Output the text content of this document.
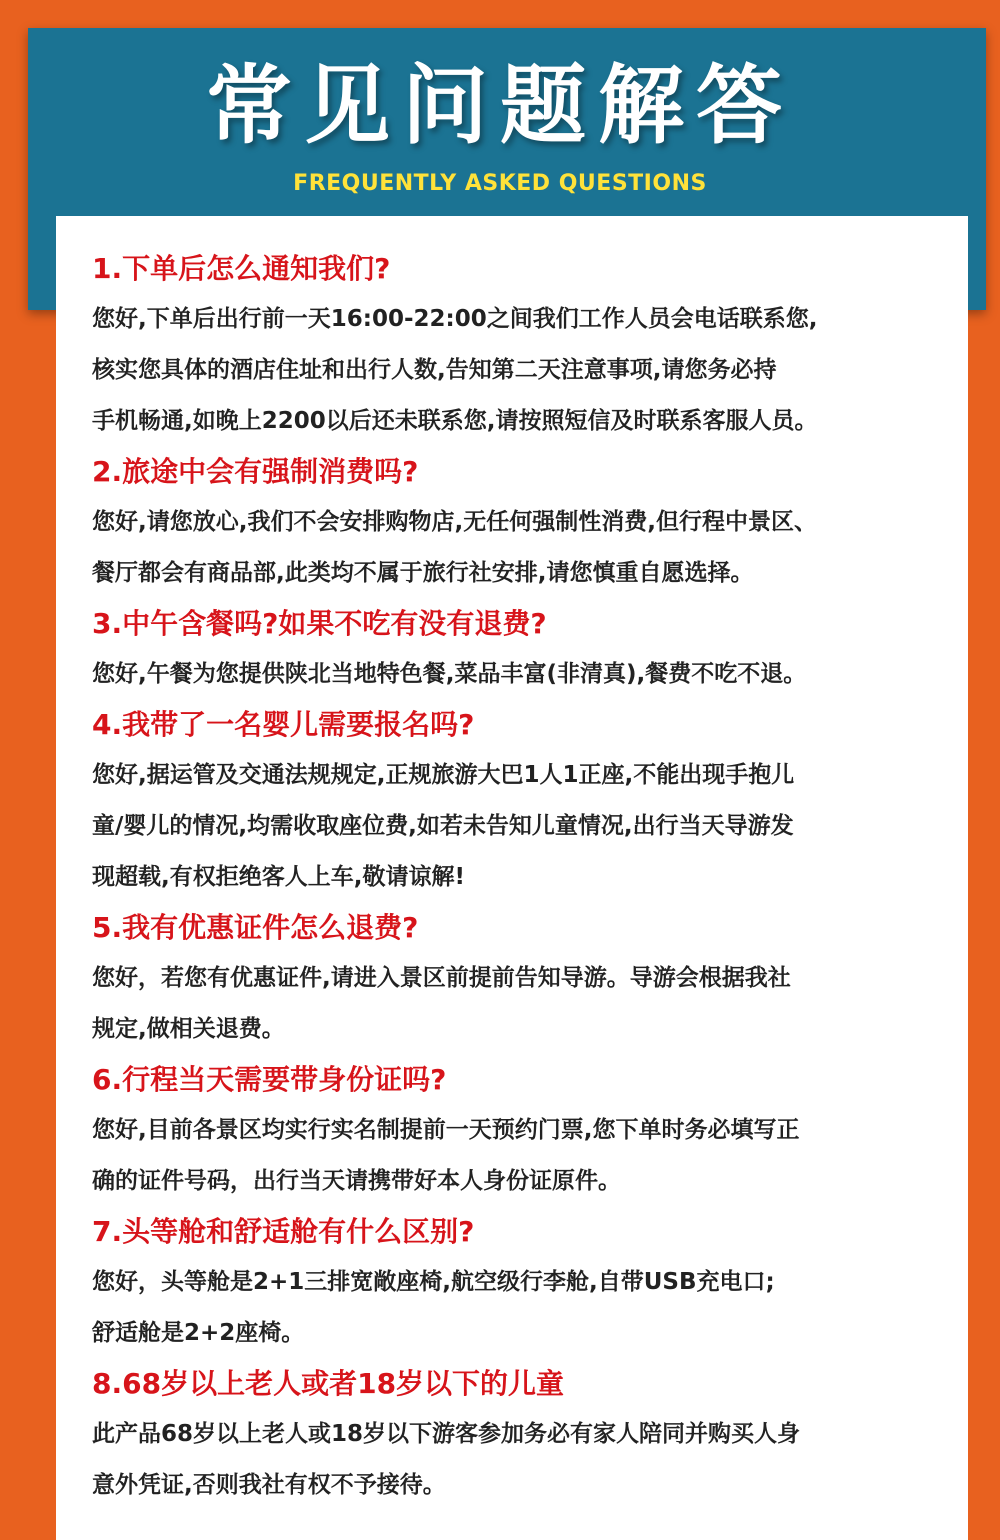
常见问题解答
FREQUENTLY ASKED QUESTIONS
1.下单后怎么通知我们?
您好,下单后出行前一天16:00-22:00之间我们工作人员会电话联系您,
核实您具体的酒店住址和出行人数,告知第二天注意事项,请您务必持
手机畅通,如晚上2200以后还未联系您,请按照短信及时联系客服人员。
2.旅途中会有强制消费吗?
您好,请您放心,我们不会安排购物店,无任何强制性消费,但行程中景区、
餐厅都会有商品部,此类均不属于旅行社安排,请您慎重自愿选择。
3.中午含餐吗?如果不吃有没有退费?
您好,午餐为您提供陕北当地特色餐,菜品丰富(非清真),餐费不吃不退。
4.我带了一名婴儿需要报名吗?
您好,据运管及交通法规规定,正规旅游大巴1人1正座,不能出现手抱儿
童/婴儿的情况,均需收取座位费,如若未告知儿童情况,出行当天导游发
现超载,有权拒绝客人上车,敬请谅解!
5.我有优惠证件怎么退费?
您好，若您有优惠证件,请进入景区前提前告知导游。导游会根据我社
规定,做相关退费。
6.行程当天需要带身份证吗?
您好,目前各景区均实行实名制提前一天预约门票,您下单时务必填写正
确的证件号码，出行当天请携带好本人身份证原件。
7.头等舱和舒适舱有什么区别?
您好，头等舱是2+1三排宽敞座椅,航空级行李舱,自带USB充电口;
舒适舱是2+2座椅。
8.68岁以上老人或者18岁以下的儿童
此产品68岁以上老人或18岁以下游客参加务必有家人陪同并购买人身
意外凭证,否则我社有权不予接待。
